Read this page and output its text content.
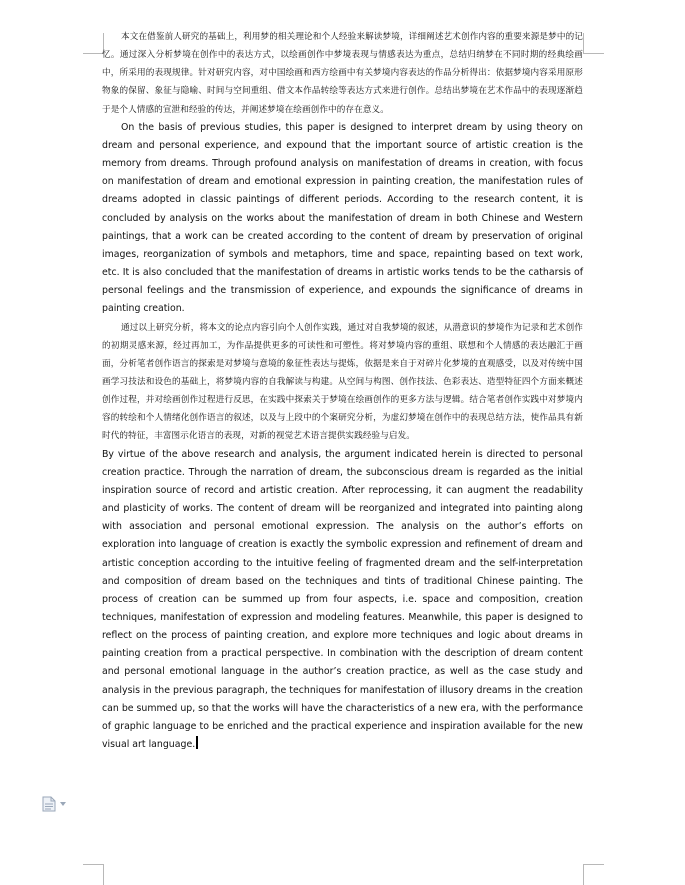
本文在借鉴前人研究的基础上，利用梦的相关理论和个人经验来解读梦境，详细阐述艺术创作内容的重要来源是梦中的记忆。通过深入分析梦境在创作中的表达方式，以绘画创作中梦境表现与情感表达为重点，总结归纳梦在不同时期的经典绘画中，所采用的表现规律。针对研究内容，对中国绘画和西方绘画中有关梦境内容表达的作品分析得出：依据梦境内容采用原形物象的保留、象征与隐喻、时间与空间重组、借文本作品转绘等表达方式来进行创作。总结出梦境在艺术作品中的表现逐渐趋于是个人情感的宣泄和经验的传达，并阐述梦境在绘画创作中的存在意义。

On the basis of previous studies, this paper is designed to interpret dream by using theory on dream and personal experience, and expound that the important source of artistic creation is the memory from dreams. Through profound analysis on manifestation of dreams in creation, with focus on manifestation of dream and emotional expression in painting creation, the manifestation rules of dreams adopted in classic paintings of different periods. According to the research content, it is concluded by analysis on the works about the manifestation of dream in both Chinese and Western paintings, that a work can be created according to the content of dream by preservation of original images, reorganization of symbols and metaphors, time and space, repainting based on text work, etc. It is also concluded that the manifestation of dreams in artistic works tends to be the catharsis of personal feelings and the transmission of experience, and expounds the significance of dreams in painting creation.

通过以上研究分析，将本文的论点内容引向个人创作实践，通过对自我梦境的叙述，从潜意识的梦境作为记录和艺术创作的初期灵感来源，经过再加工，为作品提供更多的可读性和可塑性。将对梦境内容的重组、联想和个人情感的表达融汇于画面，分析笔者创作语言的探索是对梦境与意境的象征性表达与提炼，依据是来自于对碎片化梦境的直观感受，以及对传统中国画学习技法和设色的基础上，将梦境内容的自我解读与构建。从空间与构图、创作技法、色彩表达、造型特征四个方面来概述创作过程，并对绘画创作过程进行反思，在实践中探索关于梦境在绘画创作的更多方法与逻辑。结合笔者创作实践中对梦境内容的转绘和个人情绪化创作语言的叙述，以及与上段中的个案研究分析，为虚幻梦境在创作中的表现总结方法，使作品具有新时代的特征，丰富图示化语言的表现，对新的视觉艺术语言提供实践经验与启发。

By virtue of the above research and analysis, the argument indicated herein is directed to personal creation practice. Through the narration of dream, the subconscious dream is regarded as the initial inspiration source of record and artistic creation. After reprocessing, it can augment the readability and plasticity of works. The content of dream will be reorganized and integrated into painting along with association and personal emotional expression. The analysis on the author’s efforts on exploration into language of creation is exactly the symbolic expression and refinement of dream and artistic conception according to the intuitive feeling of fragmented dream and the self-interpretation and composition of dream based on the techniques and tints of traditional Chinese painting. The process of creation can be summed up from four aspects, i.e. space and composition, creation techniques, manifestation of expression and modeling features. Meanwhile, this paper is designed to reflect on the process of painting creation, and explore more techniques and logic about dreams in painting creation from a practical perspective. In combination with the description of dream content and personal emotional language in the author’s creation practice, as well as the case study and analysis in the previous paragraph, the techniques for manifestation of illusory dreams in the creation can be summed up, so that the works will have the characteristics of a new era, with the performance of graphic language to be enriched and the practical experience and inspiration available for the new visual art language.
